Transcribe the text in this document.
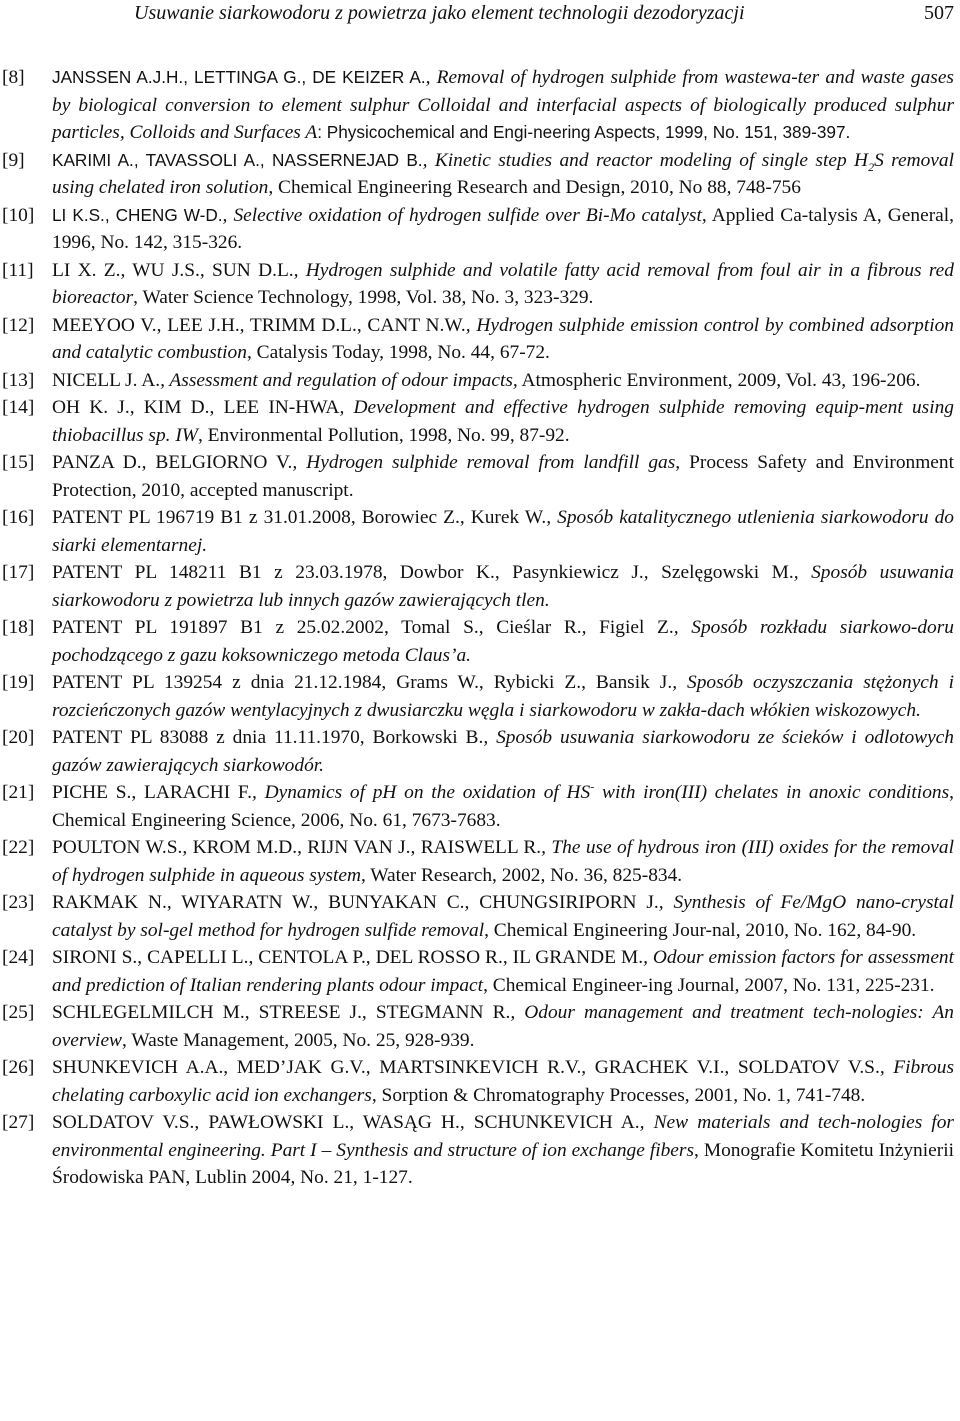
Usuwanie siarkowodoru z powietrza jako element technologii dezodoryzacji	507
[8] JANSSEN A.J.H., LETTINGA G., DE KEIZER A., Removal of hydrogen sulphide from wastewa-ter and waste gases by biological conversion to element sulphur Colloidal and interfacial aspects of biologically produced sulphur particles, Colloids and Surfaces A: Physicochemical and Engi-neering Aspects, 1999, No. 151, 389-397.
[9] KARIMI A., TAVASSOLI A., NASSERNEJAD B., Kinetic studies and reactor modeling of single step $H_2S$ removal using chelated iron solution, Chemical Engineering Research and Design, 2010, No 88, 748-756
[10] LI K.S., CHENG W-D., Selective oxidation of hydrogen sulfide over Bi-Mo catalyst, Applied Ca-talysis A, General, 1996, No. 142, 315-326.
[11] LI X. Z., WU J.S., SUN D.L., Hydrogen sulphide and volatile fatty acid removal from foul air in a fibrous red bioreactor, Water Science Technology, 1998, Vol. 38, No. 3, 323-329.
[12] MEEYOO V., LEE J.H., TRIMM D.L., CANT N.W., Hydrogen sulphide emission control by combined adsorption and catalytic combustion, Catalysis Today, 1998, No. 44, 67-72.
[13] NICELL J. A., Assessment and regulation of odour impacts, Atmospheric Environment, 2009, Vol. 43, 196-206.
[14] OH K. J., KIM D., LEE IN-HWA, Development and effective hydrogen sulphide removing equip-ment using thiobacillus sp. IW, Environmental Pollution, 1998, No. 99, 87-92.
[15] PANZA D., BELGIORNO V., Hydrogen sulphide removal from landfill gas, Process Safety and Environment Protection, 2010, accepted manuscript.
[16] PATENT PL 196719 B1 z 31.01.2008, Borowiec Z., Kurek W., Sposób katalitycznego utlenienia siarkowodoru do siarki elementarnej.
[17] PATENT PL 148211 B1 z 23.03.1978, Dowbor K., Pasynkiewicz J., Szelęgowski M., Sposób usuwania siarkowodoru z powietrza lub innych gazów zawierających tlen.
[18] PATENT PL 191897 B1 z 25.02.2002, Tomal S., Cieślar R., Figiel Z., Sposób rozkładu siarkowo-doru pochodzącego z gazu koksowniczego metoda Claus’a.
[19] PATENT PL 139254 z dnia 21.12.1984, Grams W., Rybicki Z., Bansik J., Sposób oczyszczania stężonych i rozcieńczonych gazów wentylacyjnych z dwusiarczku węgla i siarkowodoru w zakła-dach włókien wiskozowych.
[20] PATENT PL 83088 z dnia 11.11.1970, Borkowski B., Sposób usuwania siarkowodoru ze ścieków i odlotowych gazów zawierających siarkowodór.
[21] PICHE S., LARACHI F., Dynamics of pH on the oxidation of HS- with iron(III) chelates in anoxic conditions, Chemical Engineering Science, 2006, No. 61, 7673-7683.
[22] POULTON W.S., KROM M.D., RIJN VAN J., RAISWELL R., The use of hydrous iron (III) oxides for the removal of hydrogen sulphide in aqueous system, Water Research, 2002, No. 36, 825-834.
[23] RAKMAK N., WIYARATN W., BUNYAKAN C., CHUNGSIRIPORN J., Synthesis of Fe/MgO nano-crystal catalyst by sol-gel method for hydrogen sulfide removal, Chemical Engineering Jour-nal, 2010, No. 162, 84-90.
[24] SIRONI S., CAPELLI L., CENTOLA P., DEL ROSSO R., IL GRANDE M., Odour emission factors for assessment and prediction of Italian rendering plants odour impact, Chemical Engineer-ing Journal, 2007, No. 131, 225-231.
[25] SCHLEGELMILCH M., STREESE J., STEGMANN R., Odour management and treatment tech-nologies: An overview, Waste Management, 2005, No. 25, 928-939.
[26] SHUNKEVICH A.A., MED’JAK G.V., MARTSINKEVICH R.V., GRACHEK V.I., SOLDATOV V.S., Fibrous chelating carboxylic acid ion exchangers, Sorption & Chromatography Processes, 2001, No. 1, 741-748.
[27] SOLDATOV V.S., PAWŁOWSKI L., WASĄG H., SCHUNKEVICH A., New materials and tech-nologies for environmental engineering. Part I – Synthesis and structure of ion exchange fibers, Monografie Komitetu Inżynierii Środowiska PAN, Lublin 2004, No. 21, 1-127.
